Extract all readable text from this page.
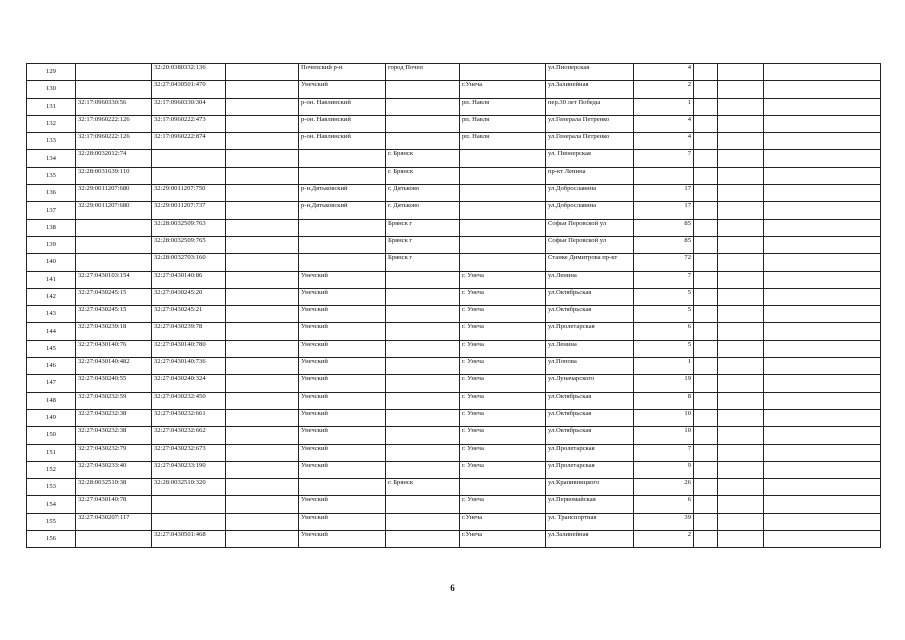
129		32:20:0380332:136		Почепский р-н	город Почеп		ул.Пионерская	4			
130		32:27:0430501:470		Унечский		г.Унеча	ул.Залинейная	2			
131	32:17:0960330:56	32:17:0960330:304		р-он. Навлинский		рп. Навля	пер.30 лет Победы	1			
132	32:17:0960222:126	32:17:0960222:473		р-он. Навлинский		рп. Навля	ул.Генерала Петренко	4			
133	32:17:0960222:126	32:17:0960222:874		р-он. Навлинский		рп. Навля	ул.Генерала Петренко	4			
134	32:28:0032012:74				г. Брянск		ул. Пионерская	7			
135	32:28:0031639:110				г. Брянск		пр-кт Ленина				
136	32:29:0011207:680	32:29:0011207:750		р-н.Дятьковский	г. Дятьково		ул.Доброславина	17			
137	32:29:0011207:680	32:29:0011207:737		р-н.Дятьковский	г. Дятьково		ул.Доброславина	17			
138		32:28:0032509:763			Брянск г		Софьи Перовской ул	85			
139		32:28:0032509:765			Брянск г		Софьи Перовской ул	85			
140		32:28:0032703:160			Брянск г		Станке Димитрова пр-кт	72			
141	32:27:0430103:154	32:27:0430140:86		Унечский		г. Унеча	ул.Ленина	7			
142	32:27:0430245:15	32:27:0430245:20		Унечский		г. Унеча	ул.Октябрьская	5			
143	32:27:0430245:15	32:27:0430245:21		Унечский		г. Унеча	ул.Октябрьская	5			
144	32:27:0430239:18	32:27:0430239:78		Унечский		г. Унеча	ул.Пролетарская	6			
145	32:27:0430140:76	32:27:0430140:780		Унечский		г. Унеча	ул.Ленина	5			
146	32:27:0430140:482	32:27:0430140:736		Унечский		г. Унеча	ул.Попова	1			
147	32:27:0430240:55	32:27:0430240:324		Унечский		г. Унеча	ул.Луначарского	19			
148	32:27:0430232:59	32:27:0430232:450		Унечский		г. Унеча	ул.Октябрьская	8			
149	32:27:0430232:38	32:27:0430232:661		Унечский		г. Унеча	ул.Октябрьская	10			
150	32:27:0430232:38	32:27:0430232:662		Унечский		г. Унеча	ул.Октябрьская	10			
151	32:27:0430232:79	32:27:0430232:673		Унечский		г. Унеча	ул.Пролетарская	7			
152	32:27:0430233:40	32:27:0430233:190		Унечский		г. Унеча	ул.Пролетарская	9			
153	32:28:0032510:38	32:28:0032510:320			г. Брянск		ул.Крапивницкого	26			
154	32:27:0430140:78			Унечский		г. Унеча	ул.Первомайская	6			
155	32:27:0430207:117			Унечский		г.Унеча	ул. Транспортная	39			
156		32:27:0430501:468		Унечский		г.Унеча	ул.Залинейная	2			
6
